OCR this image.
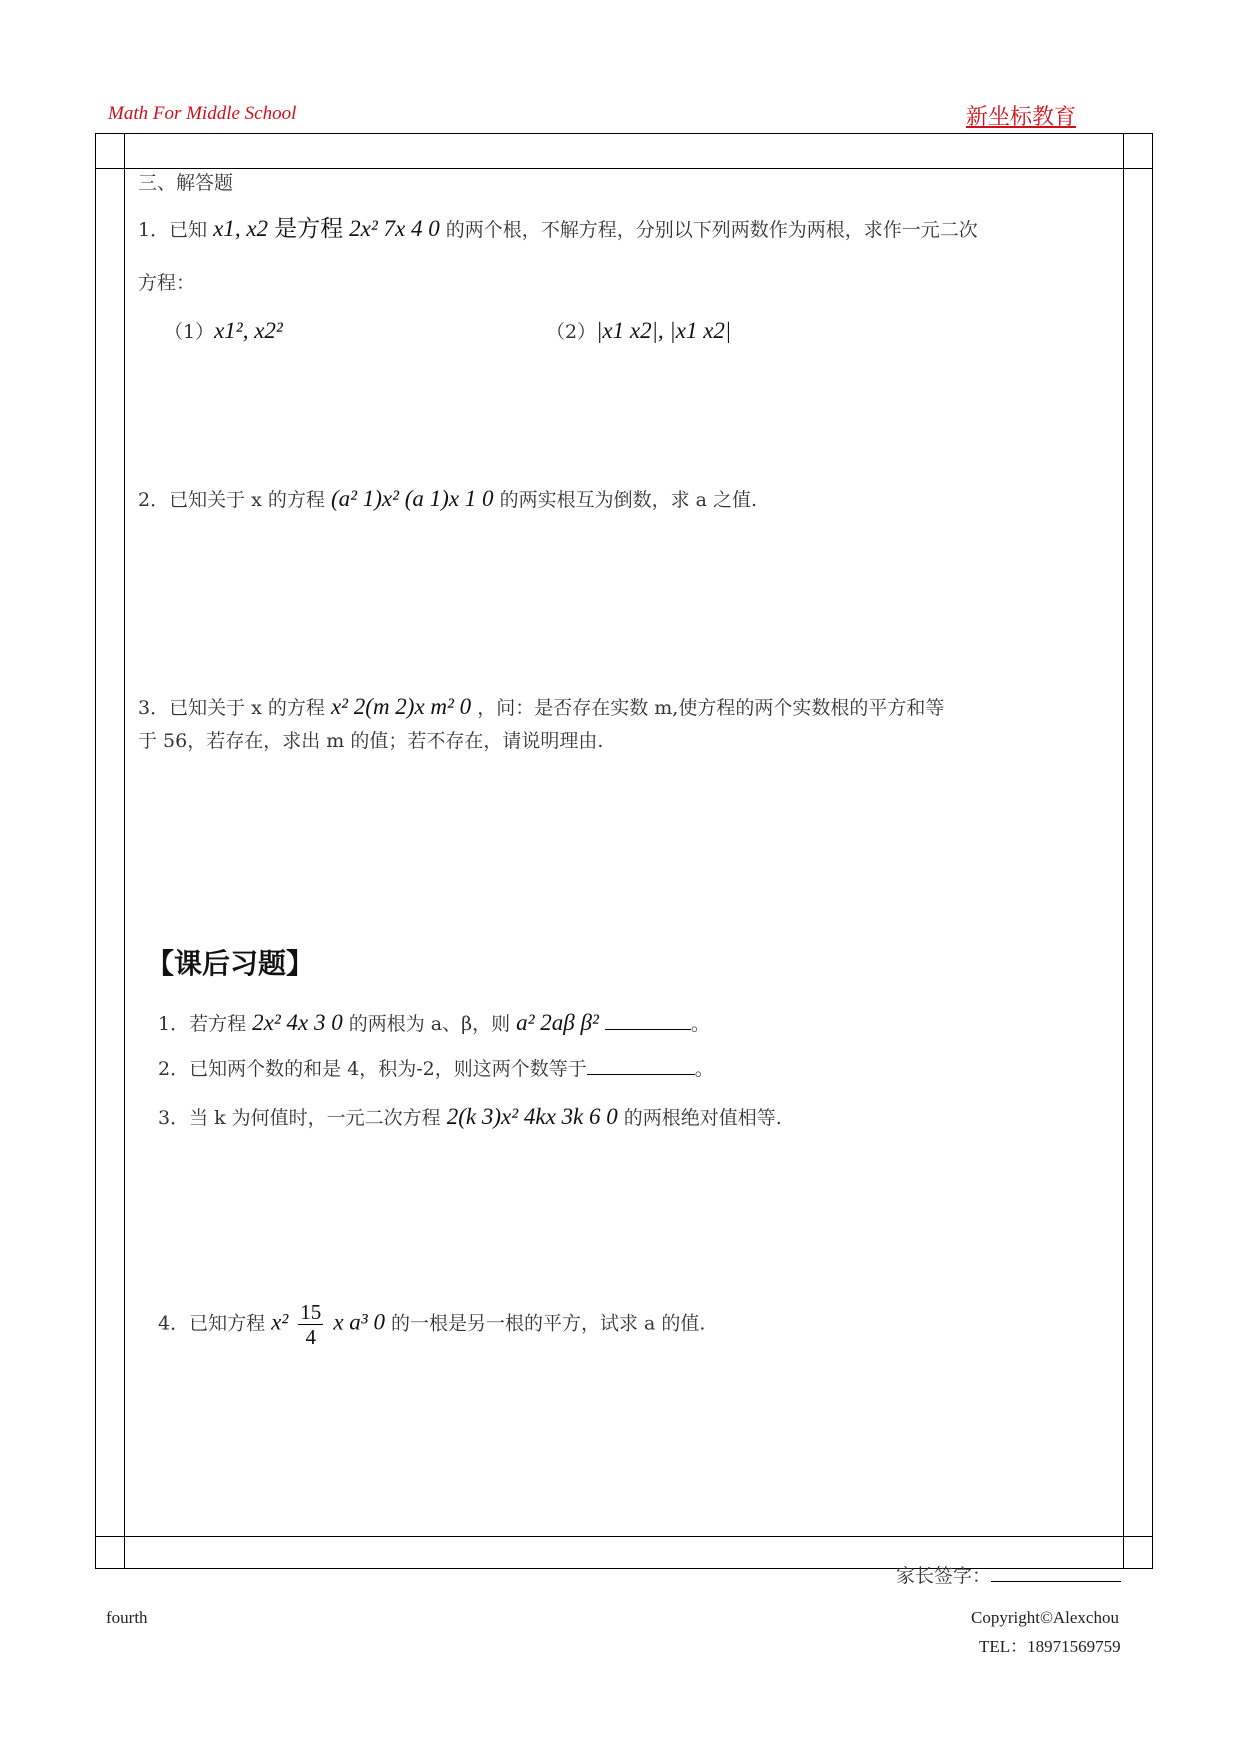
Math For Middle School	新坐标教育
三、解答题
1．已知 x1, x2 是方程 2x² 7x 4 0 的两个根，不解方程，分别以下列两数作为两根，求作一元二次
方程：
（1）x1², x2²	（2）|x1 x2|, |x1 x2|
2．已知关于 x 的方程 (a² 1)x² (a 1)x 1 0 的两实根互为倒数，求 a 之值.
3．已知关于 x 的方程 x² 2(m 2)x m² 0 ，问：是否存在实数 m,使方程的两个实数根的平方和等
于 56，若存在，求出 m 的值；若不存在，请说明理由.
【课后习题】
1．若方程 2x² 4x 3 0 的两根为 a、β，则 a² 2aβ β²	。
2．已知两个数的和是 4，积为-2，则这两个数等于	。
3．当 k 为何值时，一元二次方程 2(k 3)x² 4kx 3k 6 0 的两根绝对值相等.
4．已知方程 $x^2 \frac{15}{4}$ x a³ 0 的一根是另一根的平方，试求 a 的值.
家长签字：
fourth	Copyright©Alexchou
TEL：18971569759
